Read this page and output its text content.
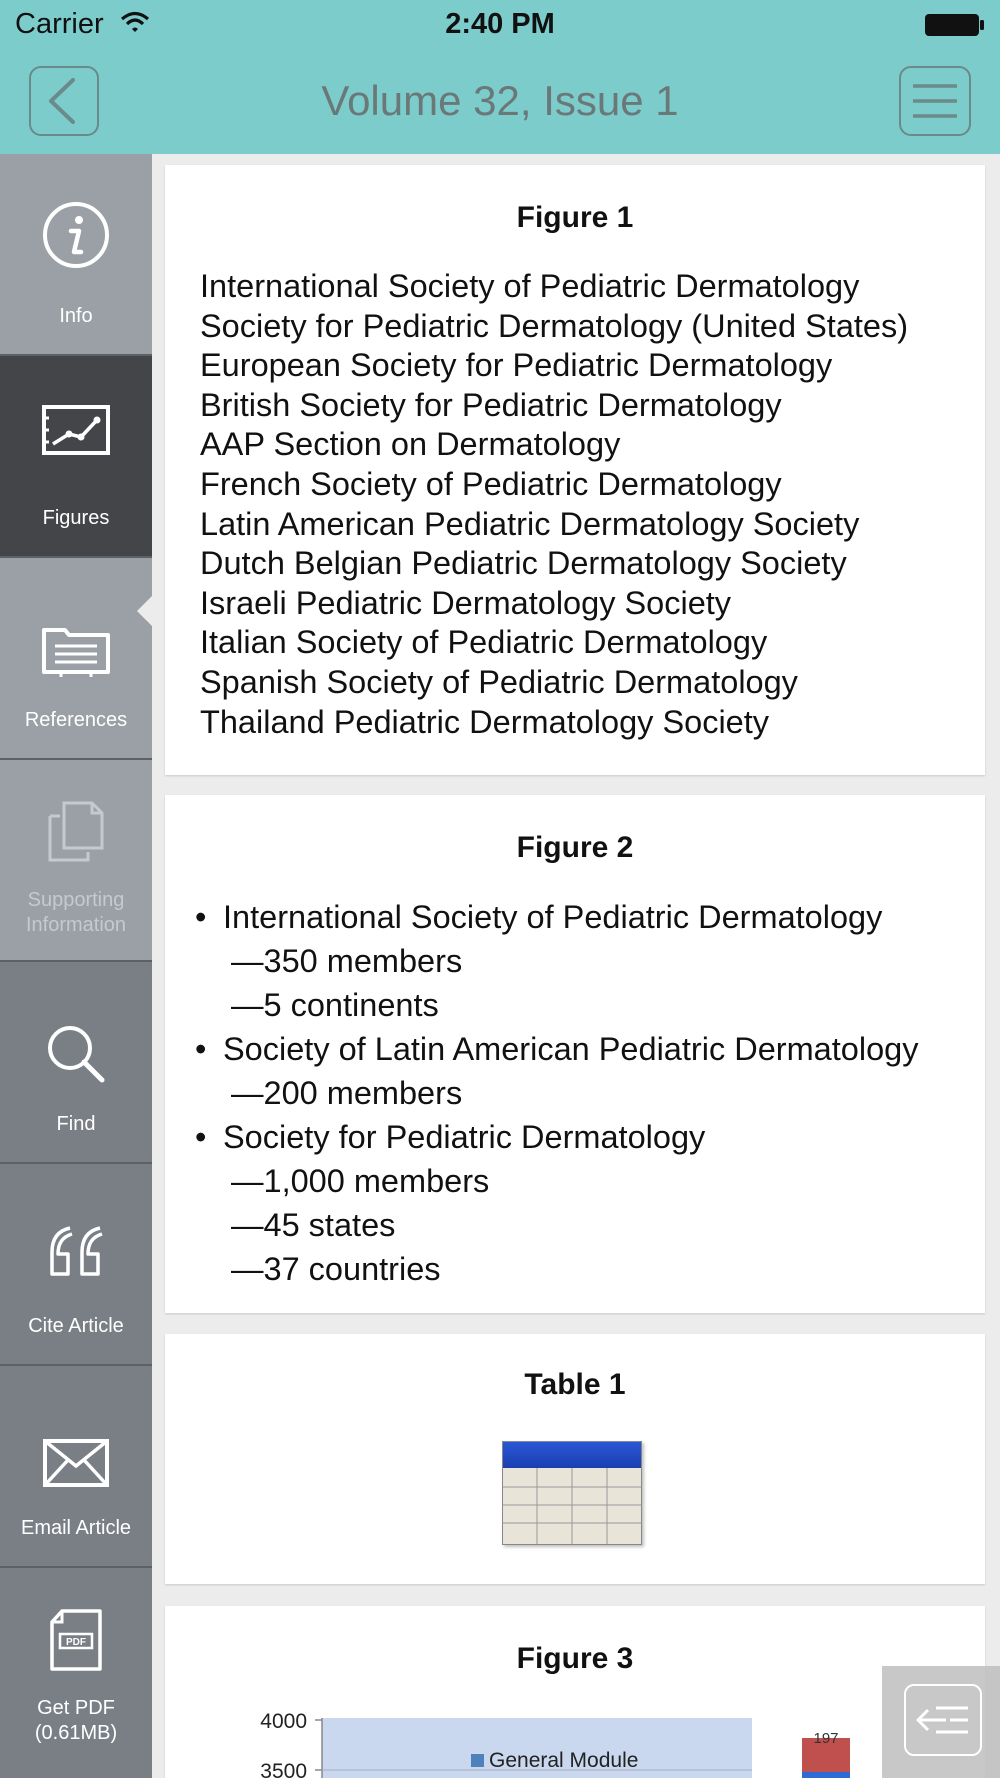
Carrier	2:40 PM
Volume 32, Issue 1
Info
Figures
References
Supporting
Information
Find
Cite Article
Email Article
PDF
Get PDF
(0.61MB)
Figure 1
International Society of Pediatric Dermatology
Society for Pediatric Dermatology (United States)
European Society for Pediatric Dermatology
British Society for Pediatric Dermatology
AAP Section on Dermatology
French Society of Pediatric Dermatology
Latin American Pediatric Dermatology Society
Dutch Belgian Pediatric Dermatology Society
Israeli Pediatric Dermatology Society
Italian Society of Pediatric Dermatology
Spanish Society of Pediatric Dermatology
Thailand Pediatric Dermatology Society
Figure 2
• International Society of Pediatric Dermatology
—350 members
—5 continents
• Society of Latin American Pediatric Dermatology
—200 members
• Society for Pediatric Dermatology
—1,000 members
—45 states
—37 countries
Table 1
Figure 3
4000
3500	General Module
197
